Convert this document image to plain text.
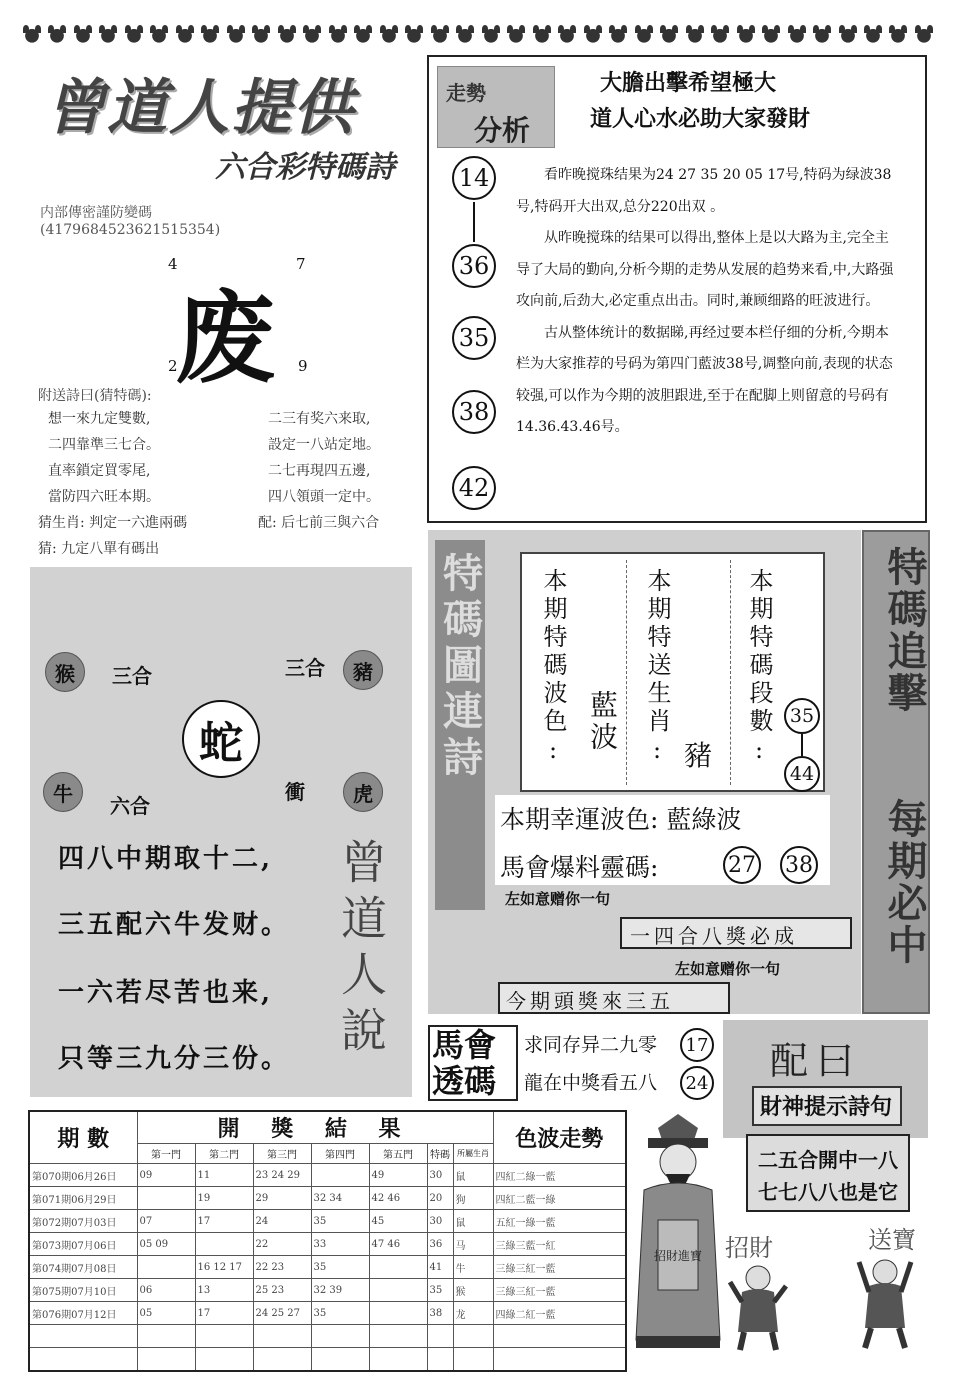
曾道人提供
六合彩特碼詩
内部傳密謹防變碼
(4179684523621515354)
4	7
废
2	9
附送詩曰(猜特碼):
想一來九定雙數,
二四靠準三七合。
直率鎖定買零尾,
當防四六旺本期。
二三有奖六来取,
設定一八站定地。
二七再現四五邊,
四八領頭一定中。
猜生肖: 判定一六進兩碼	配: 后七前三與六合
猜: 九定八單有碼出
走勢
分析
大膽出擊希望極大
道人心水必助大家發財
14
36
35
38
42

看昨晚搅珠结果为24 27 35 20 05 17号,特码为绿波38号,特码开大出双,总分220出双 。

从昨晚搅珠的结果可以得出,整体上是以大路为主,完全主导了大局的勤向,分析今期的走势从发展的趋势来看,中,大路强攻向前,后劲大,必定重点出击。同时,兼顾细路的旺波进行。

古从整体统计的数据睇,再经过要本栏仔细的分析,今期本栏为大家推荐的号码为第四门藍波38号,调整向前,表现的状态较强,可以作为今期的波胆跟进,至于在配脚上则留意的号码有14.36.43.46号。

猴	三合	三合	豬
蛇
牛
六合
衝	虎
四八中期取十二,
三五配六牛发财。
一六若尽苦也来,
只等三九分三份。 曾道人說
特碼圖連詩 本期特碼波色: 藍波 本期特送生肖: 豬 本期特碼段數: 35
44
本期幸運波色: 藍綠波
馬會爆料靈碼:	27 38
左如意赠你一句
一四合八獎必成
左如意赠你一句
今期頭獎來三五
特碼追擊
每期必中
馬會透碼
求同存异二九零	17
龍在中獎看五八	24 配曰
財神提示詩句
二五合開中一八
七七八八也是它
招財進寶 招財	送寶
期 數	開 獎 結 果							色波走勢
	第一門	第二門	第三門	第四門	第五門	特碼	所屬生肖	
第070期06月26日	09	11	23 24 29		49	30	鼠	四紅二綠一藍
第071期06月29日		19	29	32 34	42 46	20	狗	四紅二藍一綠
第072期07月03日	07	17	24	35	45	30	鼠	五紅一綠一藍
第073期07月06日	05 09		22	33	47 46	36	马	三綠三藍一紅
第074期07月08日		16 12 17	22 23	35		41	牛	三綠三紅一藍
第075期07月10日	06	13	25 23	32 39		35	猴	三綠三紅一藍
第076期07月12日	05	17	24 25 27	35		38	龙	四綠二紅一藍
